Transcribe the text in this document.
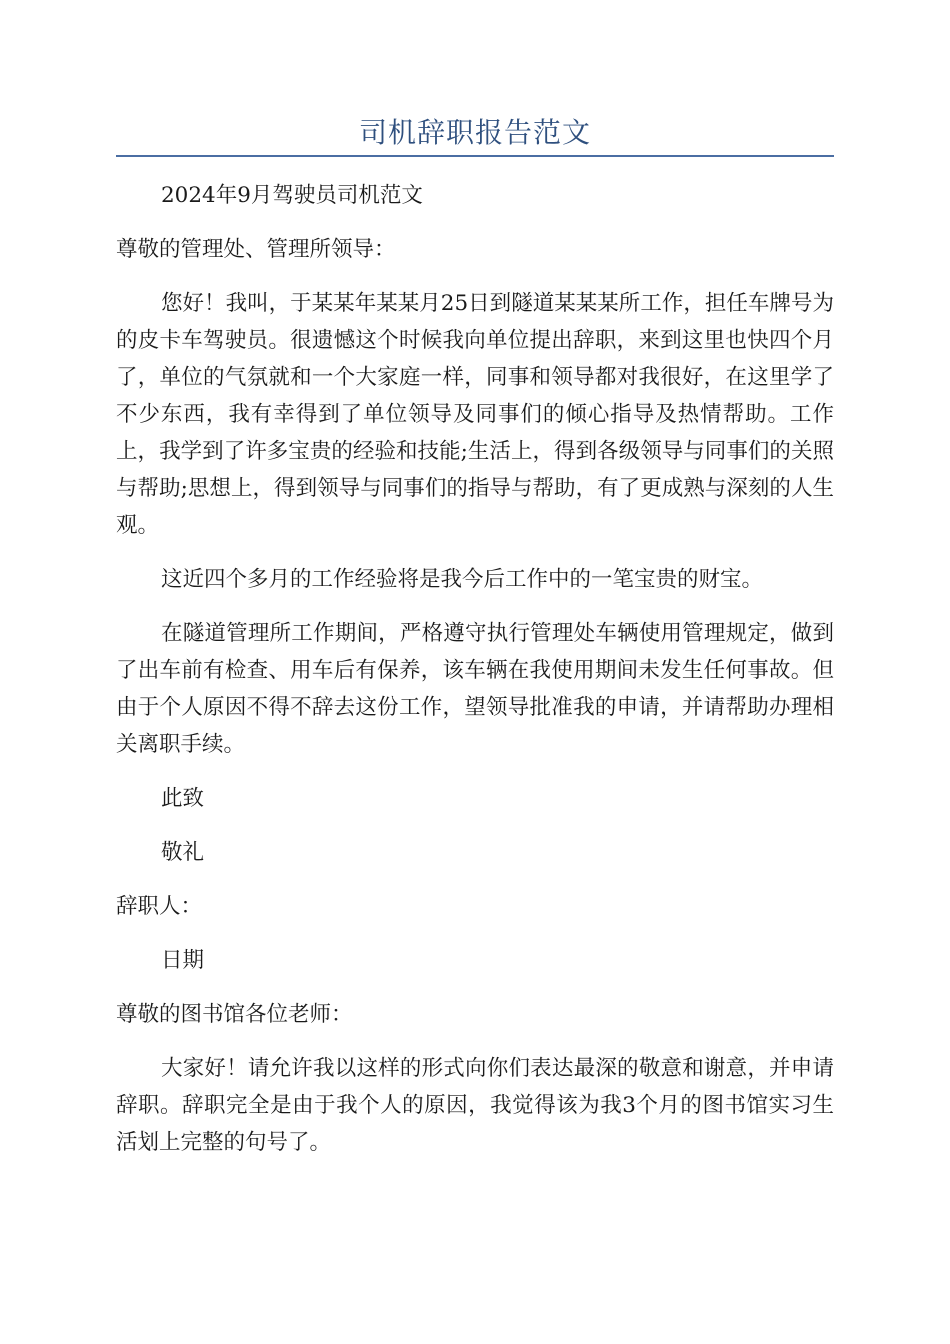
司机辞职报告范文

2024年9月驾驶员司机范文

尊敬的管理处、管理所领导：

您好！我叫，于某某年某某月25日到隧道某某某所工作，担任车牌号为的皮卡车驾驶员。很遗憾这个时候我向单位提出辞职，来到这里也快四个月了，单位的气氛就和一个大家庭一样，同事和领导都对我很好，在这里学了不少东西，我有幸得到了单位领导及同事们的倾心指导及热情帮助。工作上，我学到了许多宝贵的经验和技能;生活上，得到各级领导与同事们的关照与帮助;思想上，得到领导与同事们的指导与帮助，有了更成熟与深刻的人生观。

这近四个多月的工作经验将是我今后工作中的一笔宝贵的财宝。

在隧道管理所工作期间，严格遵守执行管理处车辆使用管理规定，做到了出车前有检查、用车后有保养，该车辆在我使用期间未发生任何事故。但由于个人原因不得不辞去这份工作，望领导批准我的申请，并请帮助办理相关离职手续。

此致

敬礼

辞职人：

日期

尊敬的图书馆各位老师：

大家好！请允许我以这样的形式向你们表达最深的敬意和谢意，并申请辞职。辞职完全是由于我个人的原因，我觉得该为我3个月的图书馆实习生活划上完整的句号了。
